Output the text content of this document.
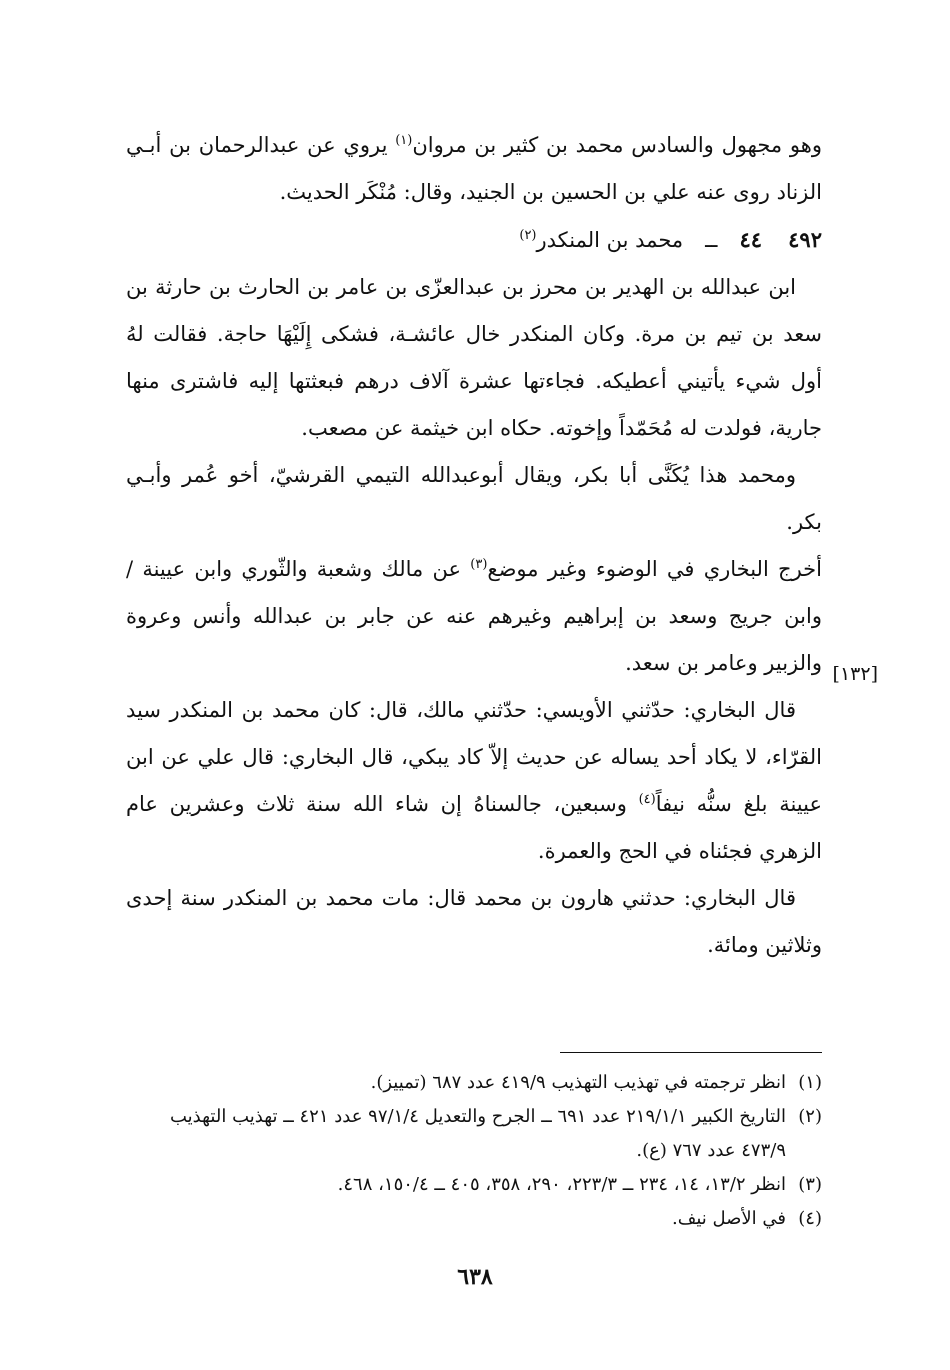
وهو مجهول والسادس محمد بن كثير بن مروان$^{(١)}$ يروي عن عبدالرحمان بن أبـي الزناد روى عنه علي بن الحسين بن الجنيد، وقال: مُنْكَر الحديث.

٤٩٢
٤٤
ــ
محمد بن المنكدر$^{(٢)}$

ابن عبدالله بن الهدير بن محرز بن عبدالعزّى بن عامر بن الحارث بن حارثة بن سعد بن تيم بن مرة. وكان المنكدر خال عائشـة، فشكى إِلَيْهَا حاجة. فقالت لهُ أول شيء يأتيني أعطيكه. فجاءتها عشرة آلاف درهم فبعثتها إليه فاشترى منها جارية، فولدت له مُحَمّداً وإخوته. حكاه ابن خيثمة عن مصعب.

ومحمد هذا يُكَنَّى أبا بكر، ويقال أبوعبدالله التيمي القرشيّ، أخو عُمر وأبـي بكر.

أخرج البخاري في الوضوء وغير موضع$^{(٣)}$ عن مالك وشعبة والثّوري وابن عيينة / وابن جريج وسعد بن إبراهيم وغيرهم عنه عن جابر بن عبدالله وأنس وعروة والزبير وعامر بن سعد.

قال البخاري: حدّثني الأويسي: حدّثني مالك، قال: كان محمد بن المنكدر سيد القرّاء، لا يكاد أحد يساله عن حديث إلاّ كاد يبكي، قال البخاري: قال علي عن ابن عيينة بلغ سنُّه نيفاً$^{(٤)}$ وسبعين، جالسناهُ إن شاء الله سنة ثلاث وعشرين عام الزهري فجئناه في الحج والعمرة.

قال البخاري: حدثني هارون بن محمد قال: مات محمد بن المنكدر سنة إحدى وثلاثين ومائة.

[١٣٢]
(١)
انظر ترجمته في تهذيب التهذيب ٤١٩/٩ عدد ٦٨٧ (تمييز).
(٢)
التاريخ الكبير ٢١٩/١/١ عدد ٦٩١ ــ الجرح والتعديل ٩٧/١/٤ عدد ٤٢١ ــ تهذيب التهذيب ٤٧٣/٩ عدد ٧٦٧ (ع).
(٣)
انظر ١٣/٢، ١٤، ٢٣٤ ــ ٢٢٣/٣، ٢٩٠، ٣٥٨، ٤٠٥ ــ ١٥٠/٤، ٤٦٨.
(٤)
في الأصل نيف.
٦٣٨
